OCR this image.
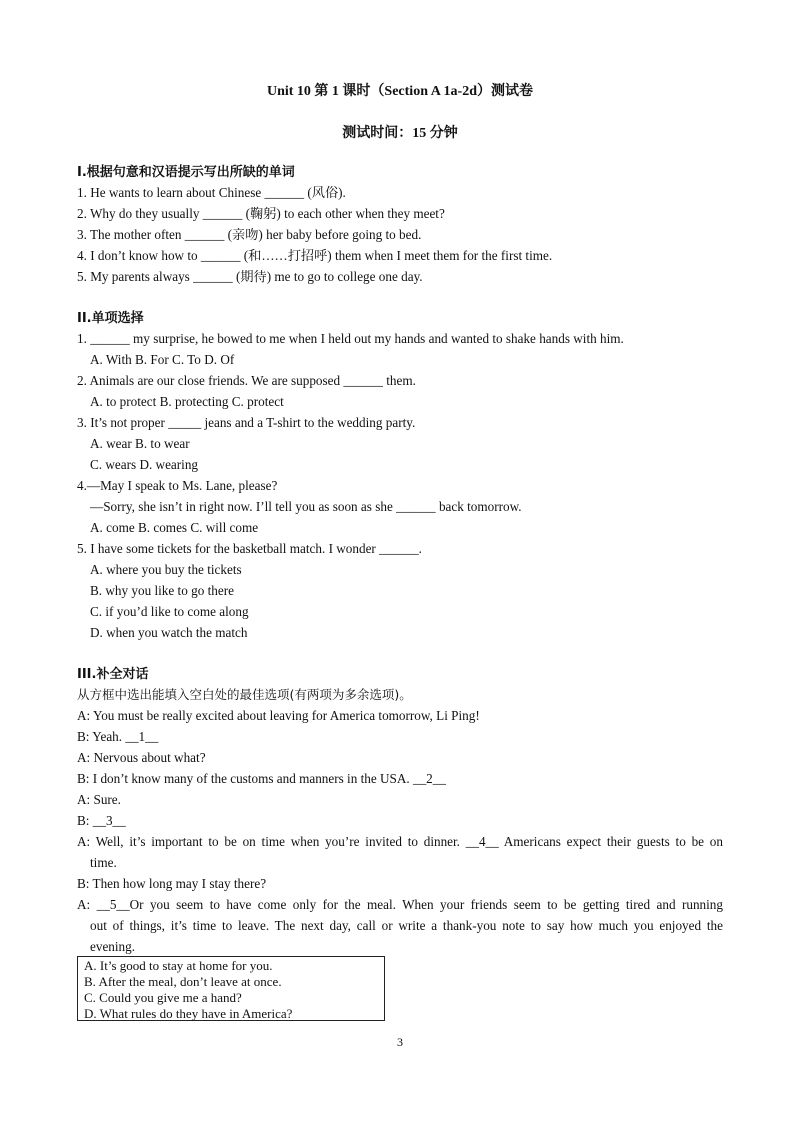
Unit 10 第 1 课时（Section A 1a-2d）测试卷
测试时间：15 分钟
I.根据句意和汉语提示写出所缺的单词
1. He wants to learn about Chinese ______ (风俗).
2. Why do they usually ______ (鞠躬) to each other when they meet?
3. The mother often ______ (亲吻) her baby before going to bed.
4. I don’t know how to ______ (和……打招呼) them when I meet them for the first time.
5. My parents always ______ (期待) me to go to college one day.
II.单项选择
1. ______ my surprise, he bowed to me when I held out my hands and wanted to shake hands with him.
A. With B. For C. To D. Of
2. Animals are our close friends. We are supposed ______ them.
A. to protect B. protecting C. protect
3. It’s not proper _____ jeans and a T-shirt to the wedding party.
A. wear B. to wear
C. wears D. wearing
4.—May I speak to Ms. Lane, please?
—Sorry, she isn’t in right now. I’ll tell you as soon as she ______ back tomorrow.
A. come B. comes C. will come
5. I have some tickets for the basketball match. I wonder ______.
A. where you buy the tickets
B. why you like to go there
C. if you’d like to come along
D. when you watch the match
III.补全对话
从方框中选出能填入空白处的最佳选项(有两项为多余选项)。
A: You must be really excited about leaving for America tomorrow, Li Ping!
B: Yeah. __1__
A: Nervous about what?
B: I don’t know many of the customs and manners in the USA. __2__
A: Sure.
B: __3__
A: Well, it’s important to be on time when you’re invited to dinner. __4__ Americans expect their guests to be on
time.
B: Then how long may I stay there?
A: __5__Or you seem to have come only for the meal. When your friends seem to be getting tired and running
out of things, it’s time to leave. The next day, call or write a thank-you note to say how much you enjoyed the
evening.
A. It’s good to stay at home for you.
B. After the meal, don’t leave at once.
C. Could you give me a hand?
D. What rules do they have in America?
3
